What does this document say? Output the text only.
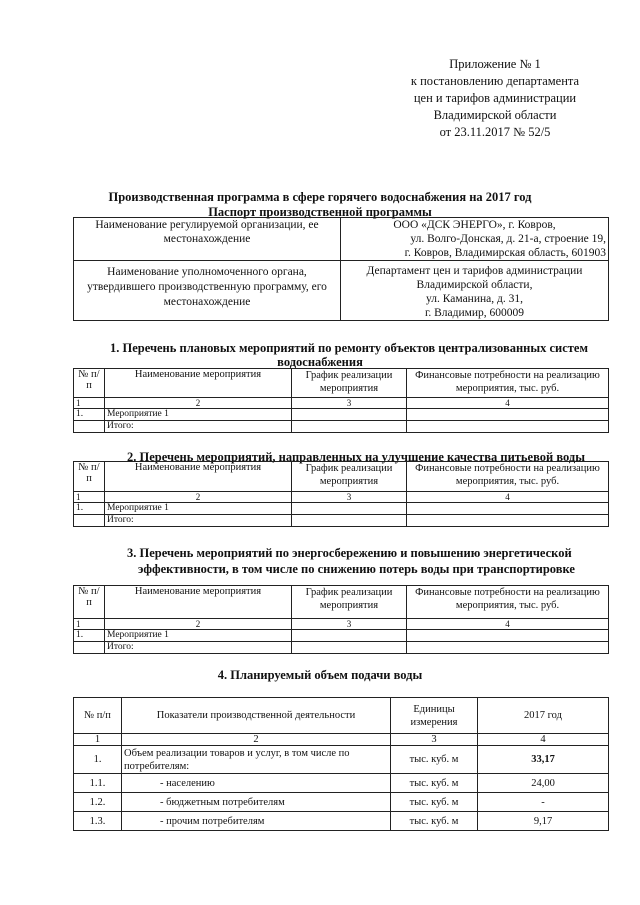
Приложение № 1
к постановлению департамента
цен и тарифов администрации
Владимирской области
от 23.11.2017 № 52/5
Производственная программа в сфере горячего водоснабжения на 2017 год
Паспорт производственной программы
Наименование регулируемой организации, ее местонахождение	ООО «ДСК ЭНЕРГО», г. Ковров,
ул. Волго-Донская, д. 21-а, строение 19,
г. Ковров, Владимирская область, 601903

Наименование уполномоченного органа, утвердившего производственную программу, его местонахождение	Департамент цен и тарифов администрации
Владимирской области,
ул. Каманина, д. 31,
г. Владимир, 600009
1. Перечень плановых мероприятий по ремонту объектов централизованных систем
водоснабжения
№ п/п	Наименование мероприятия	График реализации мероприятия	Финансовые потребности на реализацию мероприятия, тыс. руб.
1	2	3	4
1.	Мероприятие 1		
	Итого:		
2. Перечень мероприятий, направленных на улучшение качества питьевой воды
№ п/п	Наименование мероприятия	График реализации мероприятия	Финансовые потребности на реализацию мероприятия, тыс. руб.
1	2	3	4
1.	Мероприятие 1		
	Итого:		
3. Перечень мероприятий по энергосбережению и повышению энергетической
эффективности, в том числе по снижению потерь воды при транспортировке
№ п/п	Наименование мероприятия	График реализации мероприятия	Финансовые потребности на реализацию мероприятия, тыс. руб.
1	2	3	4
1.	Мероприятие 1		
	Итого:		
4. Планируемый объем подачи воды
№ п/п	Показатели производственной деятельности	Единицы измерения	2017 год
1	2	3	4
1.	Объем реализации товаров и услуг, в том числе по потребителям:	тыс. куб. м	33,17
1.1.	- населению	тыс. куб. м	24,00
1.2.	- бюджетным потребителям	тыс. куб. м	-
1.3.	- прочим потребителям	тыс. куб. м	9,17
